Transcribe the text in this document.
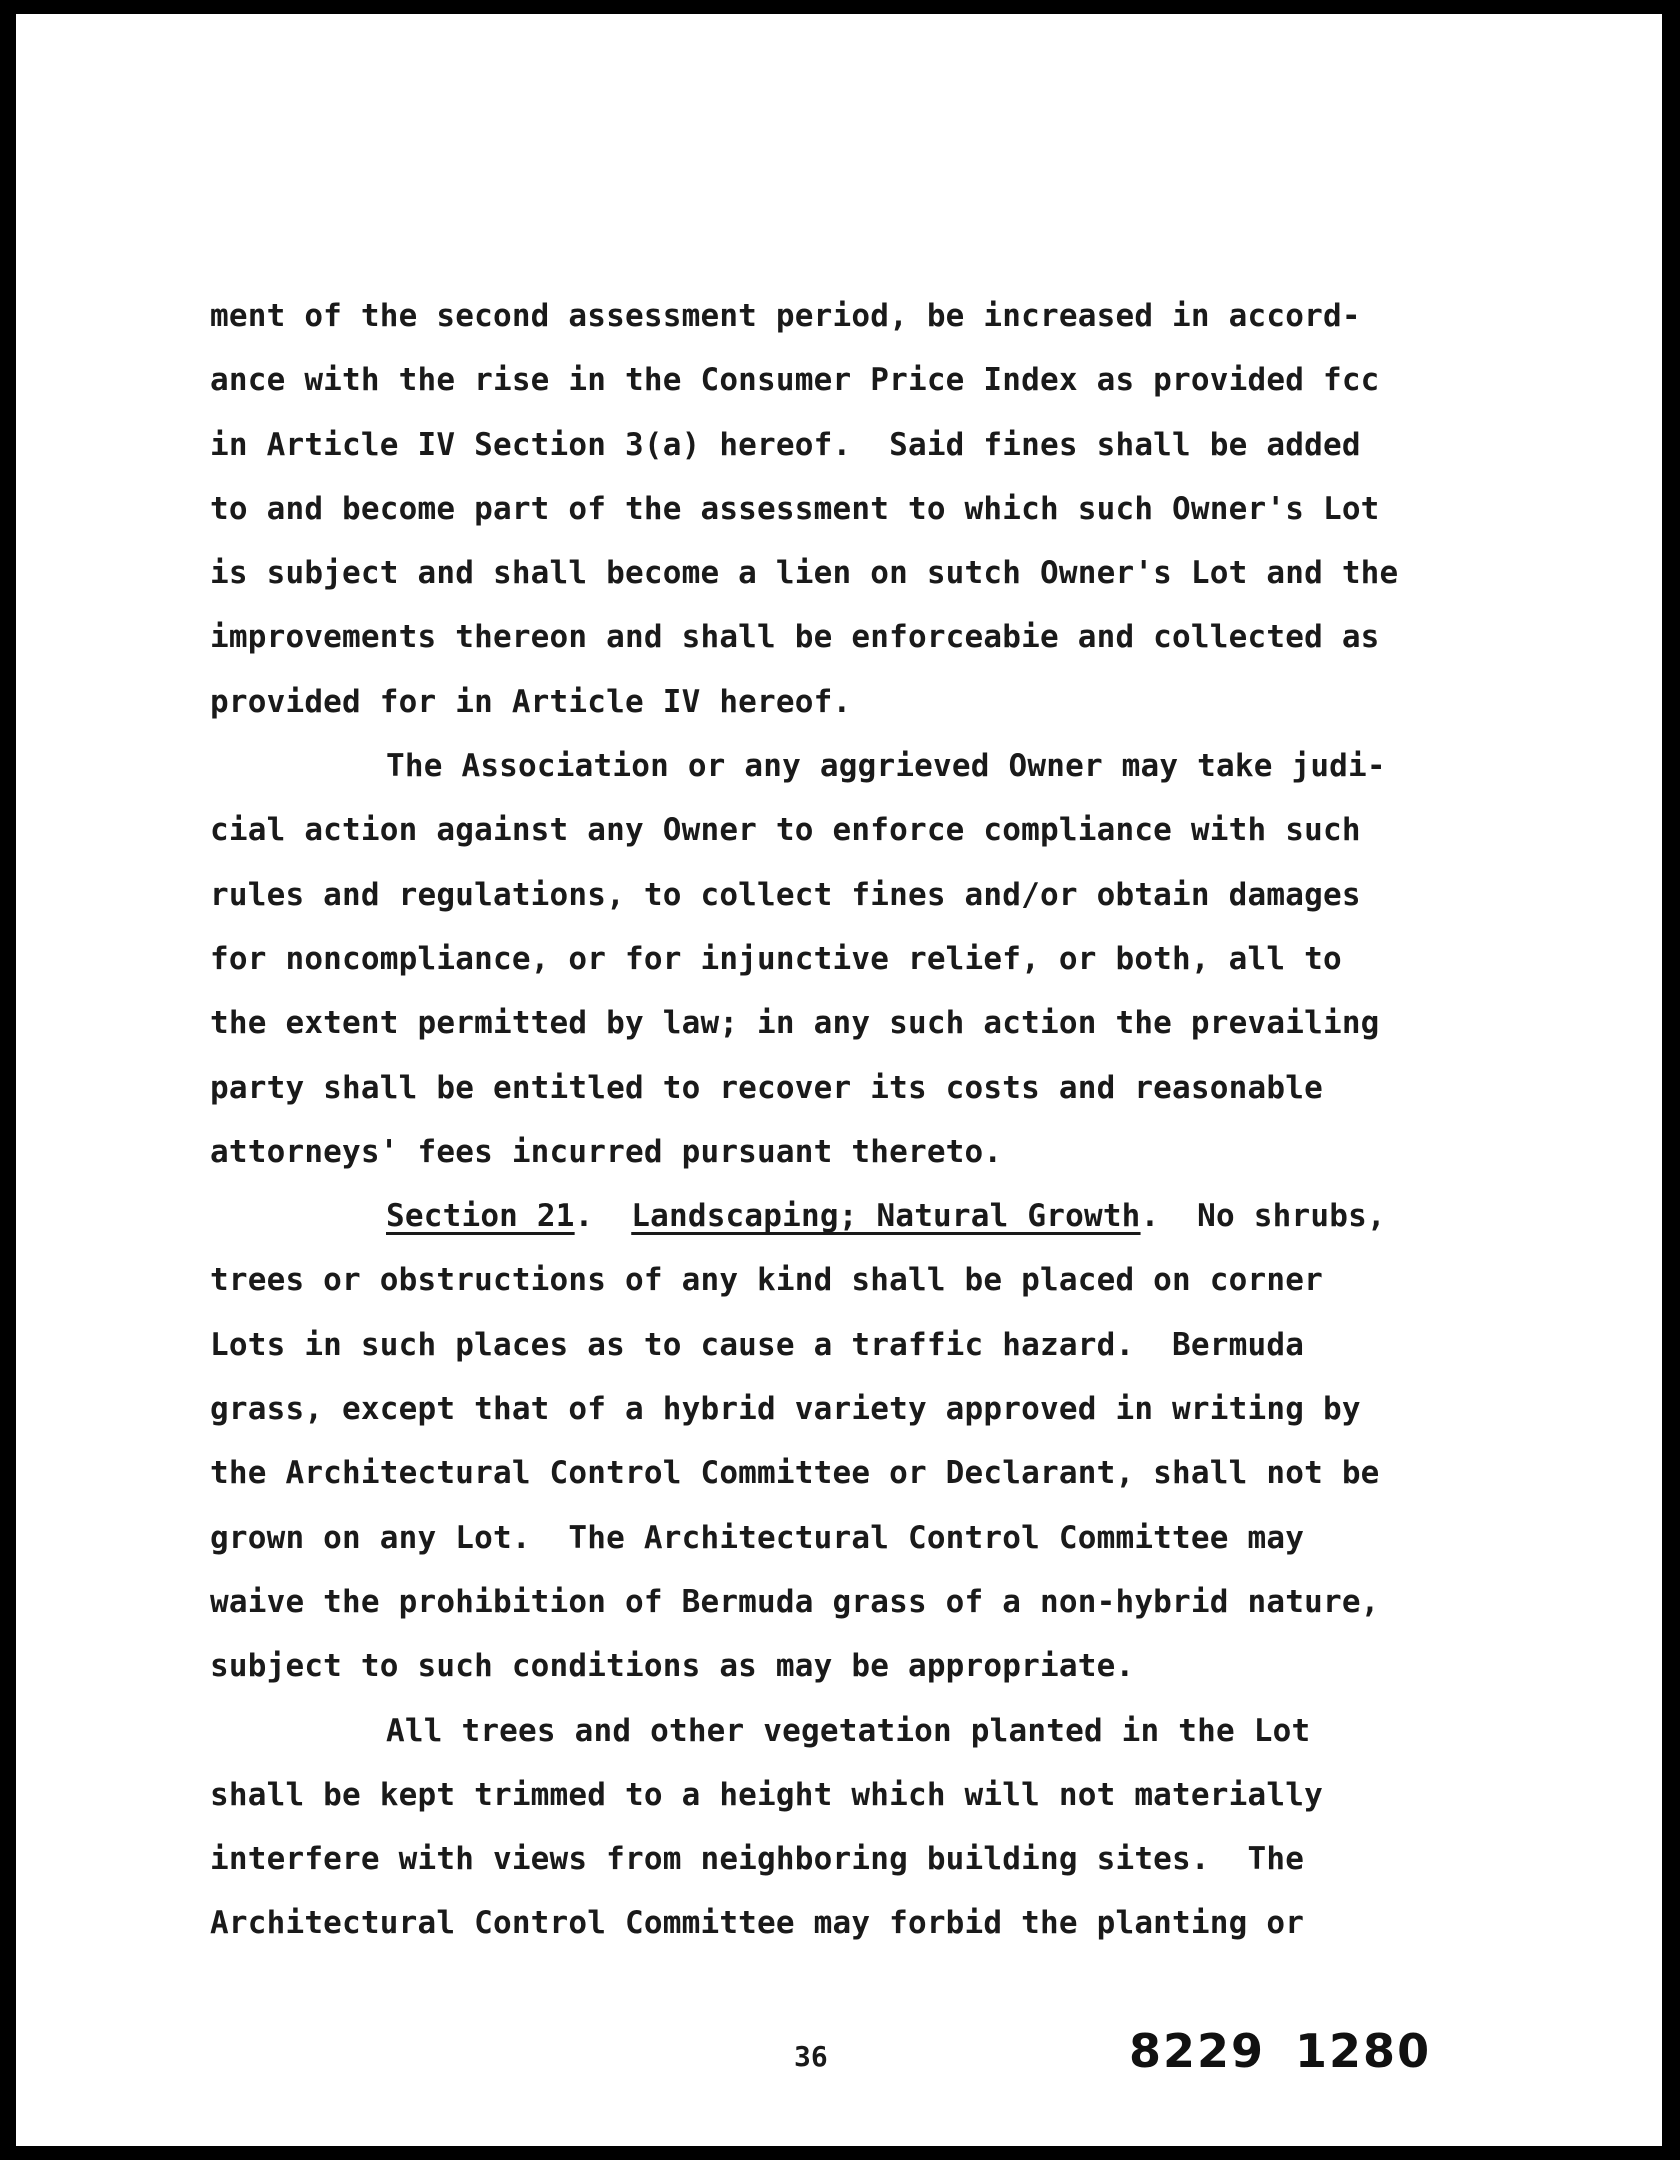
ment of the second assessment period, be increased in accord-
ance with the rise in the Consumer Price Index as provided fcc
in Article IV Section 3(a) hereof.  Said fines shall be added
to and become part of the assessment to which such Owner's Lot
is subject and shall become a lien on sutch Owner's Lot and the
improvements thereon and shall be enforceabie and collected as
provided for in Article IV hereof.
The Association or any aggrieved Owner may take judi-
cial action against any Owner to enforce compliance with such
rules and regulations, to collect fines and/or obtain damages
for noncompliance, or for injunctive relief, or both, all to
the extent permitted by law; in any such action the prevailing
party shall be entitled to recover its costs and reasonable
attorneys' fees incurred pursuant thereto.
Section 21.  Landscaping; Natural Growth.  No shrubs,
trees or obstructions of any kind shall be placed on corner
Lots in such places as to cause a traffic hazard.  Bermuda
grass, except that of a hybrid variety approved in writing by
the Architectural Control Committee or Declarant, shall not be
grown on any Lot.  The Architectural Control Committee may
waive the prohibition of Bermuda grass of a non-hybrid nature,
subject to such conditions as may be appropriate.
All trees and other vegetation planted in the Lot
shall be kept trimmed to a height which will not materially
interfere with views from neighboring building sites.  The
Architectural Control Committee may forbid the planting or
36	8229 1280
